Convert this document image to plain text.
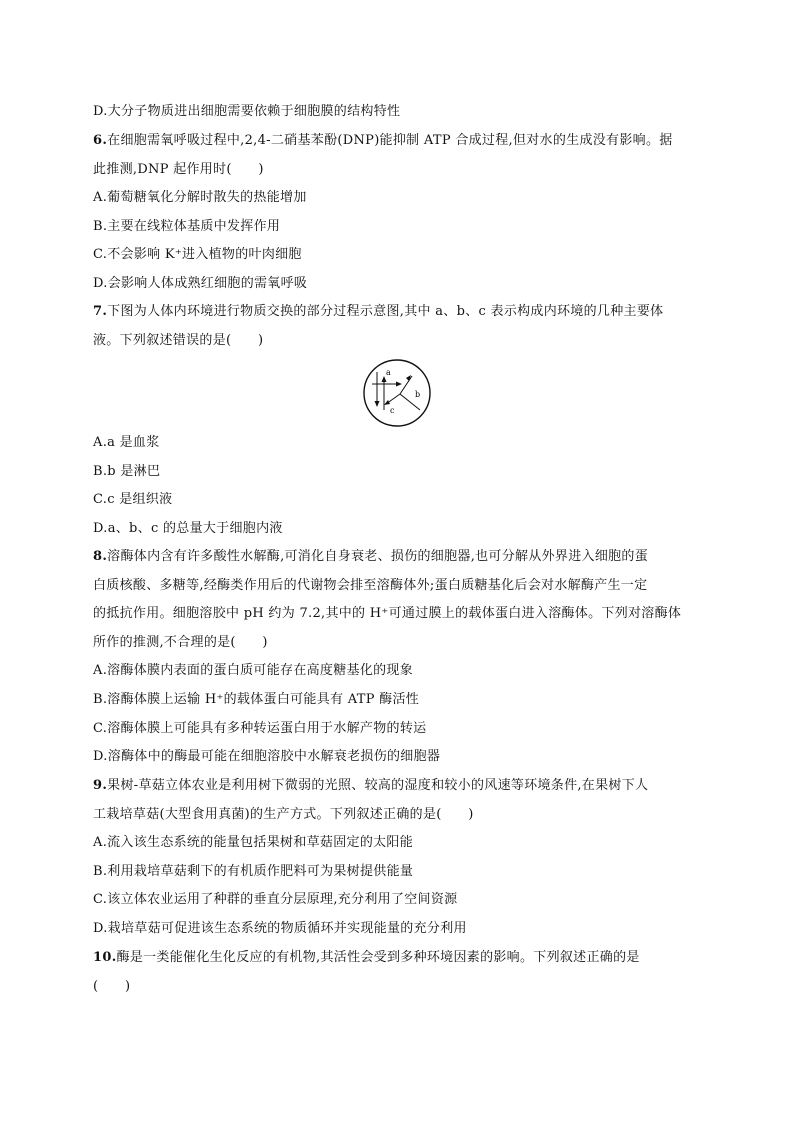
D.大分子物质进出细胞需要依赖于细胞膜的结构特性
6.在细胞需氧呼吸过程中,2,4-二硝基苯酚(DNP)能抑制 ATP 合成过程,但对水的生成没有影响。据
此推测,DNP 起作用时(　　)
A.葡萄糖氧化分解时散失的热能增加
B.主要在线粒体基质中发挥作用
C.不会影响 K⁺进入植物的叶肉细胞
D.会影响人体成熟红细胞的需氧呼吸
7.下图为人体内环境进行物质交换的部分过程示意图,其中 a、b、c 表示构成内环境的几种主要体
液。下列叙述错误的是(　　)
A.a 是血浆
B.b 是淋巴
C.c 是组织液
D.a、b、c 的总量大于细胞内液
8.溶酶体内含有许多酸性水解酶,可消化自身衰老、损伤的细胞器,也可分解从外界进入细胞的蛋
白质核酸、多糖等,经酶类作用后的代谢物会排至溶酶体外;蛋白质糖基化后会对水解酶产生一定
的抵抗作用。细胞溶胶中 pH 约为 7.2,其中的 H⁺可通过膜上的载体蛋白进入溶酶体。下列对溶酶体
所作的推测,不合理的是(　　)
A.溶酶体膜内表面的蛋白质可能存在高度糖基化的现象
B.溶酶体膜上运输 H⁺的载体蛋白可能具有 ATP 酶活性
C.溶酶体膜上可能具有多种转运蛋白用于水解产物的转运
D.溶酶体中的酶最可能在细胞溶胶中水解衰老损伤的细胞器
9.果树-草菇立体农业是利用树下微弱的光照、较高的湿度和较小的风速等环境条件,在果树下人
工栽培草菇(大型食用真菌)的生产方式。下列叙述正确的是(　　)
A.流入该生态系统的能量包括果树和草菇固定的太阳能
B.利用栽培草菇剩下的有机质作肥料可为果树提供能量
C.该立体农业运用了种群的垂直分层原理,充分利用了空间资源
D.栽培草菇可促进该生态系统的物质循环并实现能量的充分利用
10.酶是一类能催化生化反应的有机物,其活性会受到多种环境因素的影响。下列叙述正确的是
(　　)
a
b
c
